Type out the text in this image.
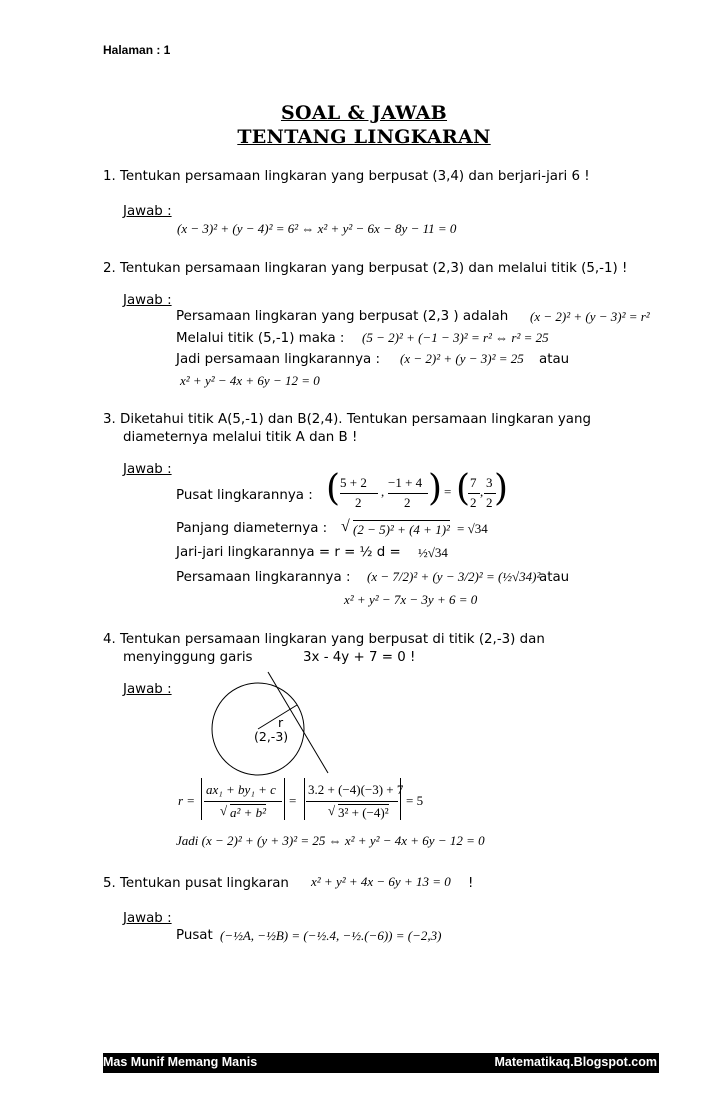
Halaman : 1
SOAL & JAWAB
TENTANG LINGKARAN
1. Tentukan persamaan lingkaran yang berpusat (3,4) dan berjari-jari 6 !
Jawab :
(x − 3)² + (y − 4)² = 6² ⇔ x² + y² − 6x − 8y − 11 = 0
2. Tentukan persamaan lingkaran yang berpusat (2,3) dan melalui titik (5,-1) !
Jawab :
Persamaan lingkaran yang berpusat (2,3 ) adalah (x − 2)² + (y − 3)² = r²
Melalui titik (5,-1) maka : (5 − 2)² + (−1 − 3)² = r² ⇔ r² = 25
Jadi persamaan lingkarannya : (x − 2)² + (y − 3)² = 25 atau
x² + y² − 4x + 6y − 12 = 0
3. Diketahui titik A(5,-1) dan B(2,4). Tentukan persamaan lingkaran yang
diameternya melalui titik A dan B !
Jawab :
Pusat lingkarannya : ( 5 + 2
2
,
−1 + 4
2 ) = ( 7
2
,
3
2 )
Panjang diameternya : √ (2 − 5)² + (4 + 1)² = √34
Jari-jari lingkarannya = r = ½ d = ½√34
Persamaan lingkarannya : (x − 7/2)² + (y − 3/2)² = (½√34)²
atau
x² + y² − 7x − 3y + 6 = 0
4. Tentukan persamaan lingkaran yang berpusat di titik (2,-3) dan
menyinggung garis	3x - 4y + 7 = 0 !
Jawab :
r
(2,-3)
r =
ax₁ + by₁ + c
√ a² + b²
=
3.2 + (−4)(−3) + 7
√ 3² + (−4)²
= 5
Jadi (x − 2)² + (y + 3)² = 25 ⇔ x² + y² − 4x + 6y − 12 = 0
5. Tentukan pusat lingkaran x² + y² + 4x − 6y + 13 = 0 !
Jawab :
Pusat (−½A, −½B) = (−½.4, −½.(−6)) = (−2,3)
Mas Munif Memang Manis	Matematikaq.Blogspot.com
